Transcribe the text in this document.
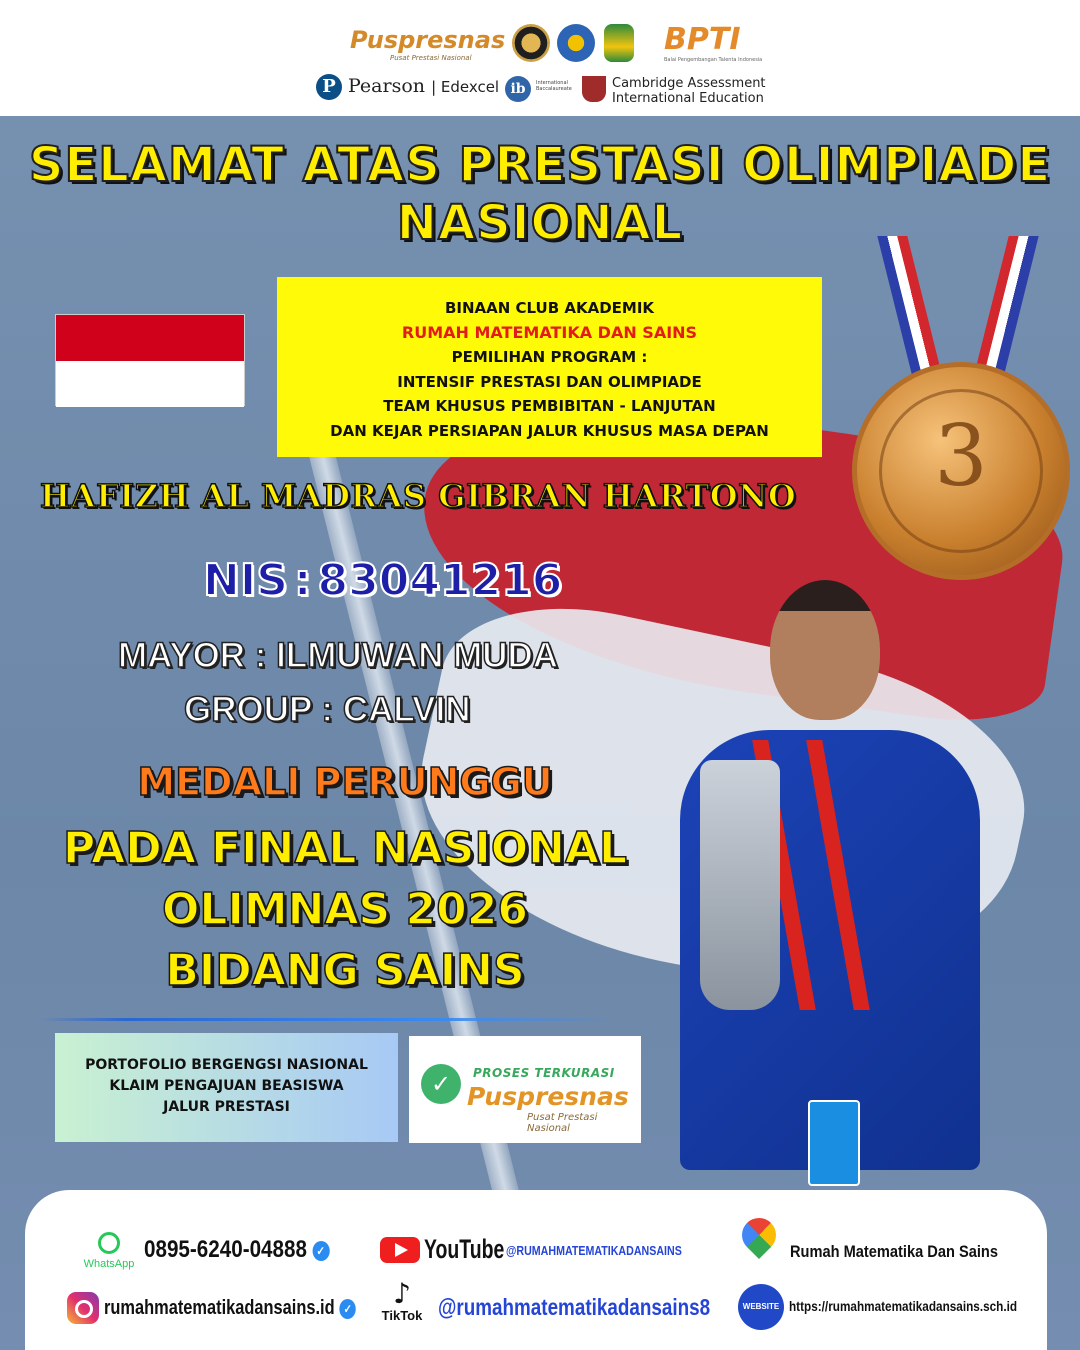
Puspresnas
Pusat Prestasi Nasional
BPTI
Balai Pengembangan Talenta Indonesia
P Pearson | Edexcel ib	International Baccalaureate	Cambridge Assessment
International Education
SELAMAT ATAS PRESTASI OLIMPIADE
NASIONAL
BINAAN CLUB AKADEMIK
RUMAH MATEMATIKA DAN SAINS
PEMILIHAN PROGRAM :
INTENSIF PRESTASI DAN OLIMPIADE
TEAM KHUSUS PEMBIBITAN - LANJUTAN
DAN KEJAR PERSIAPAN JALUR KHUSUS MASA DEPAN	3
HAFIZH AL MADRAS GIBRAN HARTONO
NIS : 83041216
MAYOR : ILMUWAN MUDA
GROUP : CALVIN
MEDALI PERUNGGU
PADA FINAL NASIONAL
OLIMNAS 2026
BIDANG SAINS
PORTOFOLIO BERGENGSI NASIONAL
KLAIM PENGAJUAN BEASISWA
JALUR PRESTASI
✓	PROSES TERKURASI
Puspresnas
Pusat Prestasi Nasional
WhatsApp
0895-6240-04888 ✓	YouTube @RUMAHMATEMATIKADANSAINS	Rumah Matematika Dan Sains
rumahmatematikadansains.id ✓	♪
TikTok @rumahmatematikadansains8	WEBSITE https://rumahmatematikadansains.sch.id
